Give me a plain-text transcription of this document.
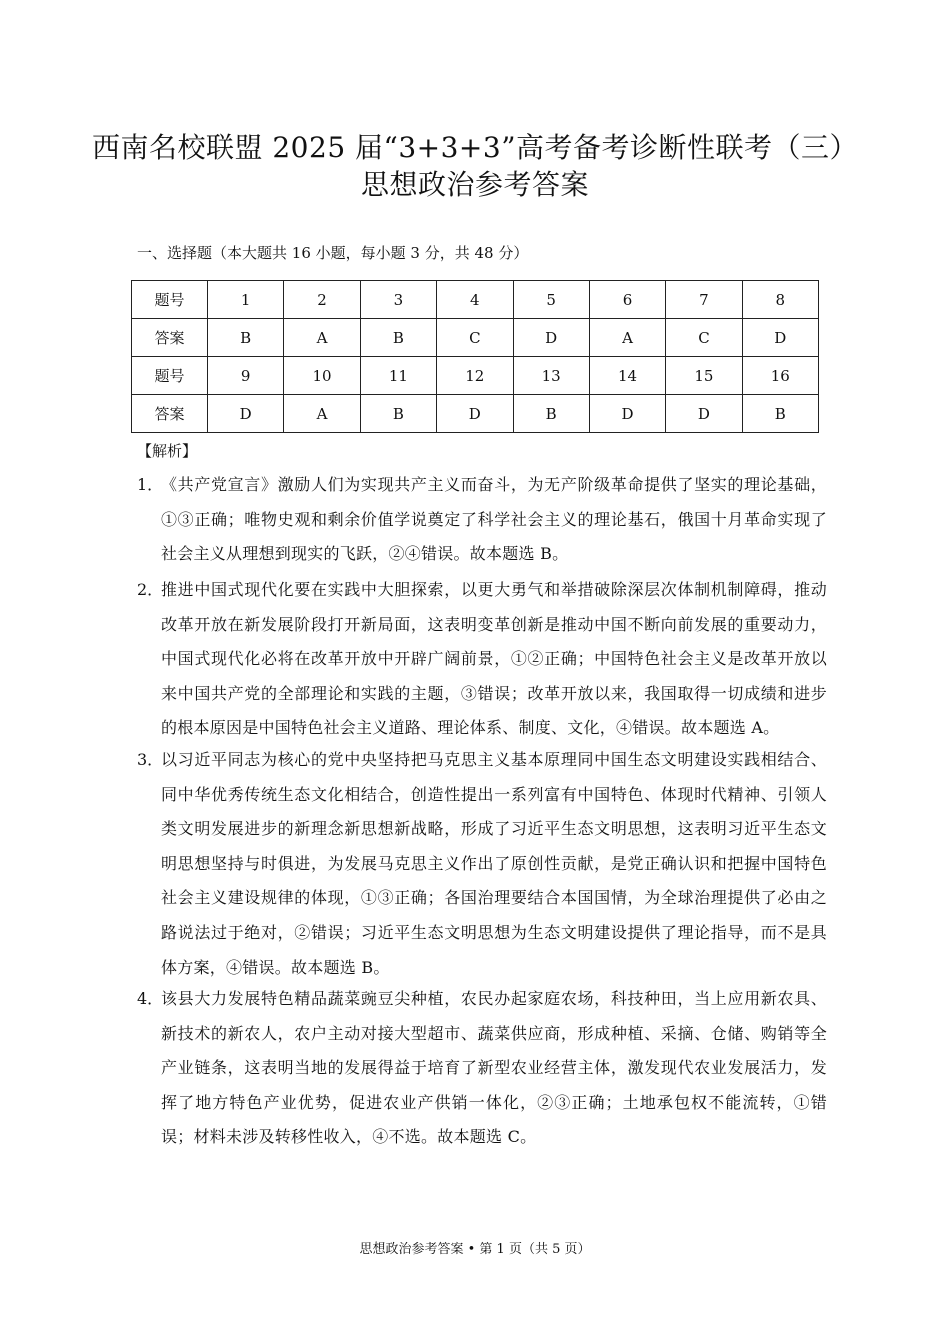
西南名校联盟 2025 届“3+3+3”高考备考诊断性联考（三）
思想政治参考答案
一、选择题（本大题共 16 小题，每小题 3 分，共 48 分）
题号	1	2	3	4	5	6	7	8
答案	B	A	B	C	D	A	C	D
题号	9	10	11	12	13	14	15	16
答案	D	A	B	D	B	D	D	B
【解析】
1．
《共产党宣言》激励人们为实现共产主义而奋斗，为无产阶级革命提供了坚实的理论基础，①③正确；唯物史观和剩余价值学说奠定了科学社会主义的理论基石，俄国十月革命实现了社会主义从理想到现实的飞跃，②④错误。故本题选 B。
2．
推进中国式现代化要在实践中大胆探索，以更大勇气和举措破除深层次体制机制障碍，推动改革开放在新发展阶段打开新局面，这表明变革创新是推动中国不断向前发展的重要动力，中国式现代化必将在改革开放中开辟广阔前景，①②正确；中国特色社会主义是改革开放以来中国共产党的全部理论和实践的主题，③错误；改革开放以来，我国取得一切成绩和进步的根本原因是中国特色社会主义道路、理论体系、制度、文化，④错误。故本题选 A。
3．
以习近平同志为核心的党中央坚持把马克思主义基本原理同中国生态文明建设实践相结合、同中华优秀传统生态文化相结合，创造性提出一系列富有中国特色、体现时代精神、引领人类文明发展进步的新理念新思想新战略，形成了习近平生态文明思想，这表明习近平生态文明思想坚持与时俱进，为发展马克思主义作出了原创性贡献，是党正确认识和把握中国特色社会主义建设规律的体现，①③正确；各国治理要结合本国国情，为全球治理提供了必由之路说法过于绝对，②错误；习近平生态文明思想为生态文明建设提供了理论指导，而不是具体方案，④错误。故本题选 B。
4．
该县大力发展特色精品蔬菜豌豆尖种植，农民办起家庭农场，科技种田，当上应用新农具、新技术的新农人，农户主动对接大型超市、蔬菜供应商，形成种植、采摘、仓储、购销等全产业链条，这表明当地的发展得益于培育了新型农业经营主体，激发现代农业发展活力，发挥了地方特色产业优势，促进农业产供销一体化，②③正确；土地承包权不能流转，①错误；材料未涉及转移性收入，④不选。故本题选 C。
思想政治参考答案 • 第 1 页（共 5 页）
